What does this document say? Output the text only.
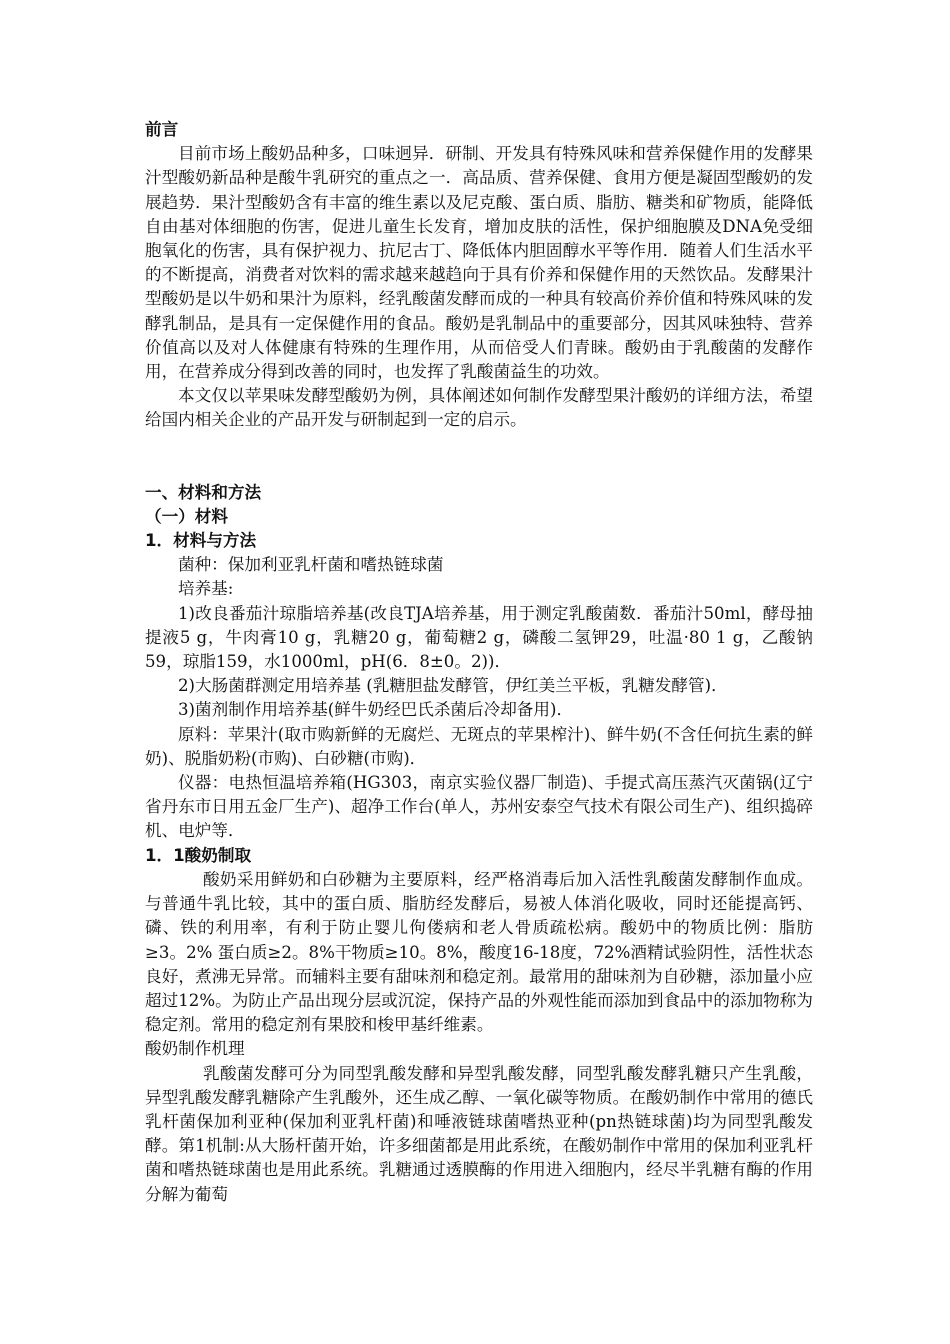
前言

目前市场上酸奶品种多，口味迥异．研制、开发具有特殊风味和营养保健作用的发酵果汁型酸奶新品种是酸牛乳研究的重点之一．高品质、营养保健、食用方便是凝固型酸奶的发展趋势．果汁型酸奶含有丰富的维生素以及尼克酸、蛋白质、脂肪、糖类和矿物质，能降低自由基对体细胞的伤害，促进儿童生长发育，增加皮肤的活性，保护细胞膜及DNA免受细胞氧化的伤害，具有保护视力、抗尼古丁、降低体内胆固醇水平等作用．随着人们生活水平的不断提高，消费者对饮料的需求越来越趋向于具有价养和保健作用的天然饮品。发酵果汁型酸奶是以牛奶和果汁为原料，经乳酸菌发酵而成的一种具有较高价养价值和特殊风味的发酵乳制品，是具有一定保健作用的食品。酸奶是乳制品中的重要部分，因其风味独特、营养价值高以及对人体健康有特殊的生理作用，从而倍受人们青睐。酸奶由于乳酸菌的发酵作用，在营养成分得到改善的同时，也发挥了乳酸菌益生的功效。

本文仅以苹果味发酵型酸奶为例，具体阐述如何制作发酵型果汁酸奶的详细方法，希望给国内相关企业的产品开发与研制起到一定的启示。

一、材料和方法

（一）材料

1．材料与方法

菌种：保加利亚乳杆菌和嗜热链球菌

培养基:

1)改良番茄汁琼脂培养基(改良TJA培养基，用于测定乳酸菌数．番茄汁50ml，酵母抽提液5 g，牛肉膏10 g，乳糖20 g，葡萄糖2 g，磷酸二氢钾29，吐温·80 1 g，乙酸钠59，琼脂159，水1000ml，pH(6．8±0。2))．

2)大肠菌群测定用培养基 (乳糖胆盐发酵管，伊红美兰平板，乳糖发酵管)．

3)菌剂制作用培养基(鲜牛奶经巴氏杀菌后冷却备用)．

原料：苹果汁(取市购新鲜的无腐烂、无斑点的苹果榨汁)、鲜牛奶(不含任何抗生素的鲜奶)、脱脂奶粉(市购)、白砂糖(市购)．

仪器：电热恒温培养箱(HG303，南京实验仪器厂制造)、手提式高压蒸汽灭菌锅(辽宁省丹东市日用五金厂生产)、超净工作台(单人，苏州安泰空气技术有限公司生产)、组织捣碎机、电炉等．

1．1酸奶制取

酸奶采用鲜奶和白砂糖为主要原料，经严格消毒后加入活性乳酸菌发酵制作血成。与普通牛乳比较，其中的蛋白质、脂肪经发酵后，易被人体消化吸收，同时还能提高钙、磷、铁的利用率，有利于防止婴儿佝偻病和老人骨质疏松病。酸奶中的物质比例：脂肪≥3。2% 蛋白质≥2。8%干物质≥10。8%，酸度16-18度，72%酒精试验阴性，活性状态良好，煮沸无异常。而辅料主要有甜味剂和稳定剂。最常用的甜味剂为自砂糖，添加量小应超过12%。为防止产品出现分层或沉淀，保持产品的外观性能而添加到食品中的添加物称为稳定剂。常用的稳定剂有果胶和梭甲基纤维素。

酸奶制作机理

乳酸菌发酵可分为同型乳酸发酵和异型乳酸发酵，同型乳酸发酵乳糖只产生乳酸，异型乳酸发酵乳糖除产生乳酸外，还生成乙醇、一氧化碳等物质。在酸奶制作中常用的德氏乳杆菌保加利亚种(保加利亚乳杆菌)和唾液链球菌嗜热亚种(pn热链球菌)均为同型乳酸发酵。第1机制:从大肠杆菌开始，许多细菌都是用此系统，在酸奶制作中常用的保加利亚乳杆菌和嗜热链球菌也是用此系统。乳糖通过透膜酶的作用进入细胞内，经尽半乳糖有酶的作用分解为葡萄
